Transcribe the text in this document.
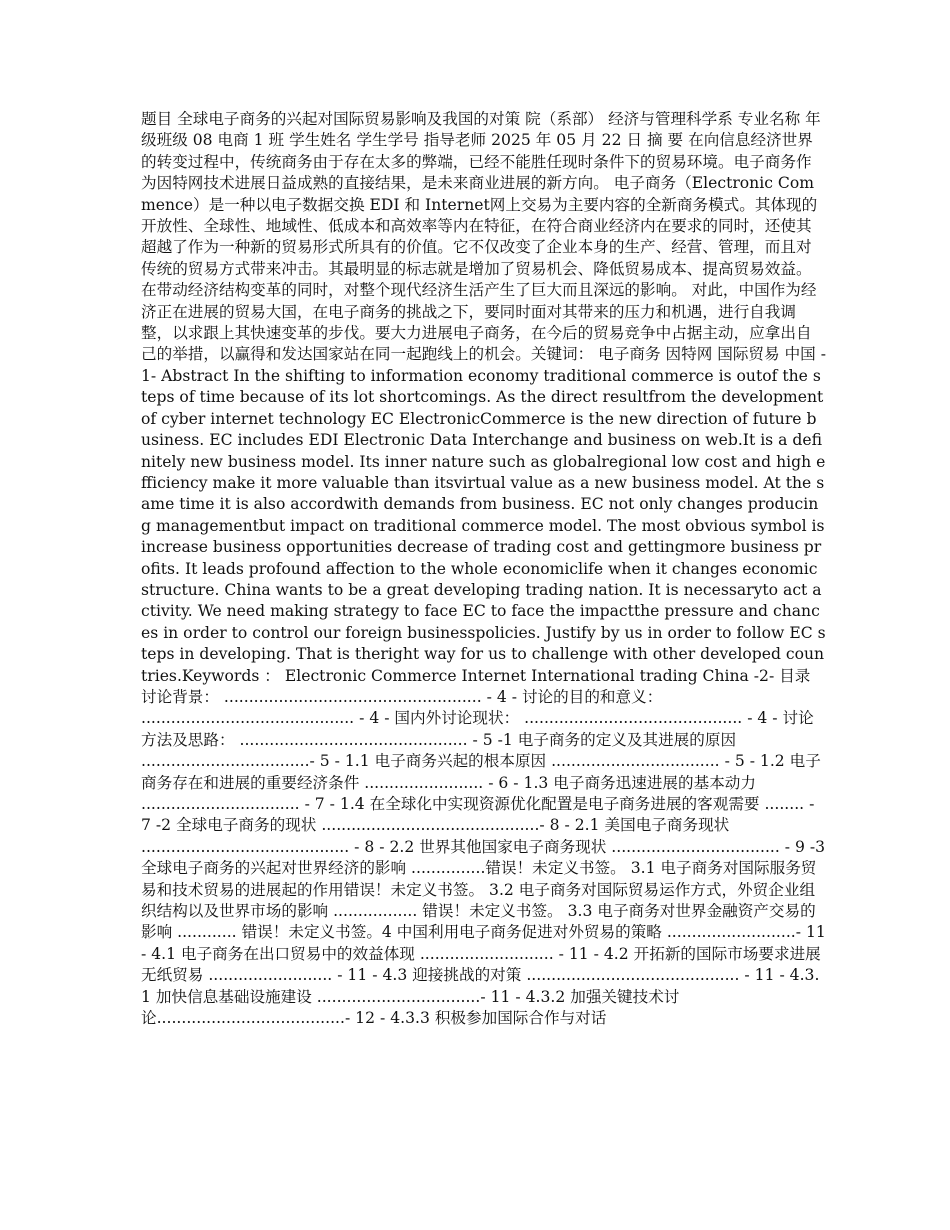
题目 全球电子商务的兴起对国际贸易影响及我国的对策 院（系部） 经济与管理科学系 专业名称 年级班级 08 电商 1 班 学生姓名 学生学号 指导老师 2025 年 05 月 22 日 摘 要 在向信息经济世界的转变过程中，传统商务由于存在太多的弊端，已经不能胜任现时条件下的贸易环境。电子商务作为因特网技术进展日益成熟的直接结果，是未来商业进展的新方向。 电子商务（Electronic Commence）是一种以电子数据交换 EDI 和 Internet网上交易为主要内容的全新商务模式。其体现的开放性、全球性、地域性、低成本和高效率等内在特征，在符合商业经济内在要求的同时，还使其超越了作为一种新的贸易形式所具有的价值。它不仅改变了企业本身的生产、经营、管理，而且对传统的贸易方式带来冲击。其最明显的标志就是增加了贸易机会、降低贸易成本、提高贸易效益。在带动经济结构变革的同时，对整个现代经济生活产生了巨大而且深远的影响。 对此，中国作为经济正在进展的贸易大国，在电子商务的挑战之下，要同时面对其带来的压力和机遇，进行自我调整，以求跟上其快速变革的步伐。要大力进展电子商务，在今后的贸易竞争中占据主动，应拿出自己的举措，以赢得和发达国家站在同一起跑线上的机会。关键词： 电子商务 因特网 国际贸易 中国 -1- Abstract In the shifting to information economy traditional commerce is outof the steps of time because of its lot shortcomings. As the direct resultfrom the development of cyber internet technology EC ElectronicCommerce is the new direction of future business. EC includes EDI Electronic Data Interchange and business on web.It is a definitely new business model. Its inner nature such as globalregional low cost and high efficiency make it more valuable than itsvirtual value as a new business model. At the same time it is also accordwith demands from business. EC not only changes producing managementbut impact on traditional commerce model. The most obvious symbol isincrease business opportunities decrease of trading cost and gettingmore business profits. It leads profound affection to the whole economiclife when it changes economic structure. China wants to be a great developing trading nation. It is necessaryto act activity. We need making strategy to face EC to face the impactthe pressure and chances in order to control our foreign businesspolicies. Justify by us in order to follow EC steps in developing. That is theright way for us to challenge with other developed countries.Keywords ： Electronic Commerce Internet International trading China -2- 目录 讨论背景： .................................................... - 4 - 讨论的目的和意义： ........................................... - 4 - 国内外讨论现状： ............................................ - 4 - 讨论方法及思路： .............................................. - 5 -1 电子商务的定义及其进展的原因 ..................................- 5 - 1.1 电子商务兴起的根本原因 .................................. - 5 - 1.2 电子商务存在和进展的重要经济条件 ........................ - 6 - 1.3 电子商务迅速进展的基本动力 ................................ - 7 - 1.4 在全球化中实现资源优化配置是电子商务进展的客观需要 ........ - 7 -2 全球电子商务的现状 ............................................- 8 - 2.1 美国电子商务现状 .......................................... - 8 - 2.2 世界其他国家电子商务现状 .................................. - 9 -3 全球电子商务的兴起对世界经济的影响 ...............错误！未定义书签。 3.1 电子商务对国际服务贸易和技术贸易的进展起的作用错误！未定义书签。 3.2 电子商务对国际贸易运作方式，外贸企业组织结构以及世界市场的影响 ................. 错误！未定义书签。 3.3 电子商务对世界金融资产交易的影响 ............ 错误！未定义书签。4 中国利用电子商务促进对外贸易的策略 ..........................- 11 - 4.1 电子商务在出口贸易中的效益体现 ........................... - 11 - 4.2 开拓新的国际市场要求进展无纸贸易 ......................... - 11 - 4.3 迎接挑战的对策 ........................................... - 11 - 4.3.1 加快信息基础设施建设 .................................- 11 - 4.3.2 加强关键技术讨论......................................- 12 - 4.3.3 积极参加国际合作与对话
